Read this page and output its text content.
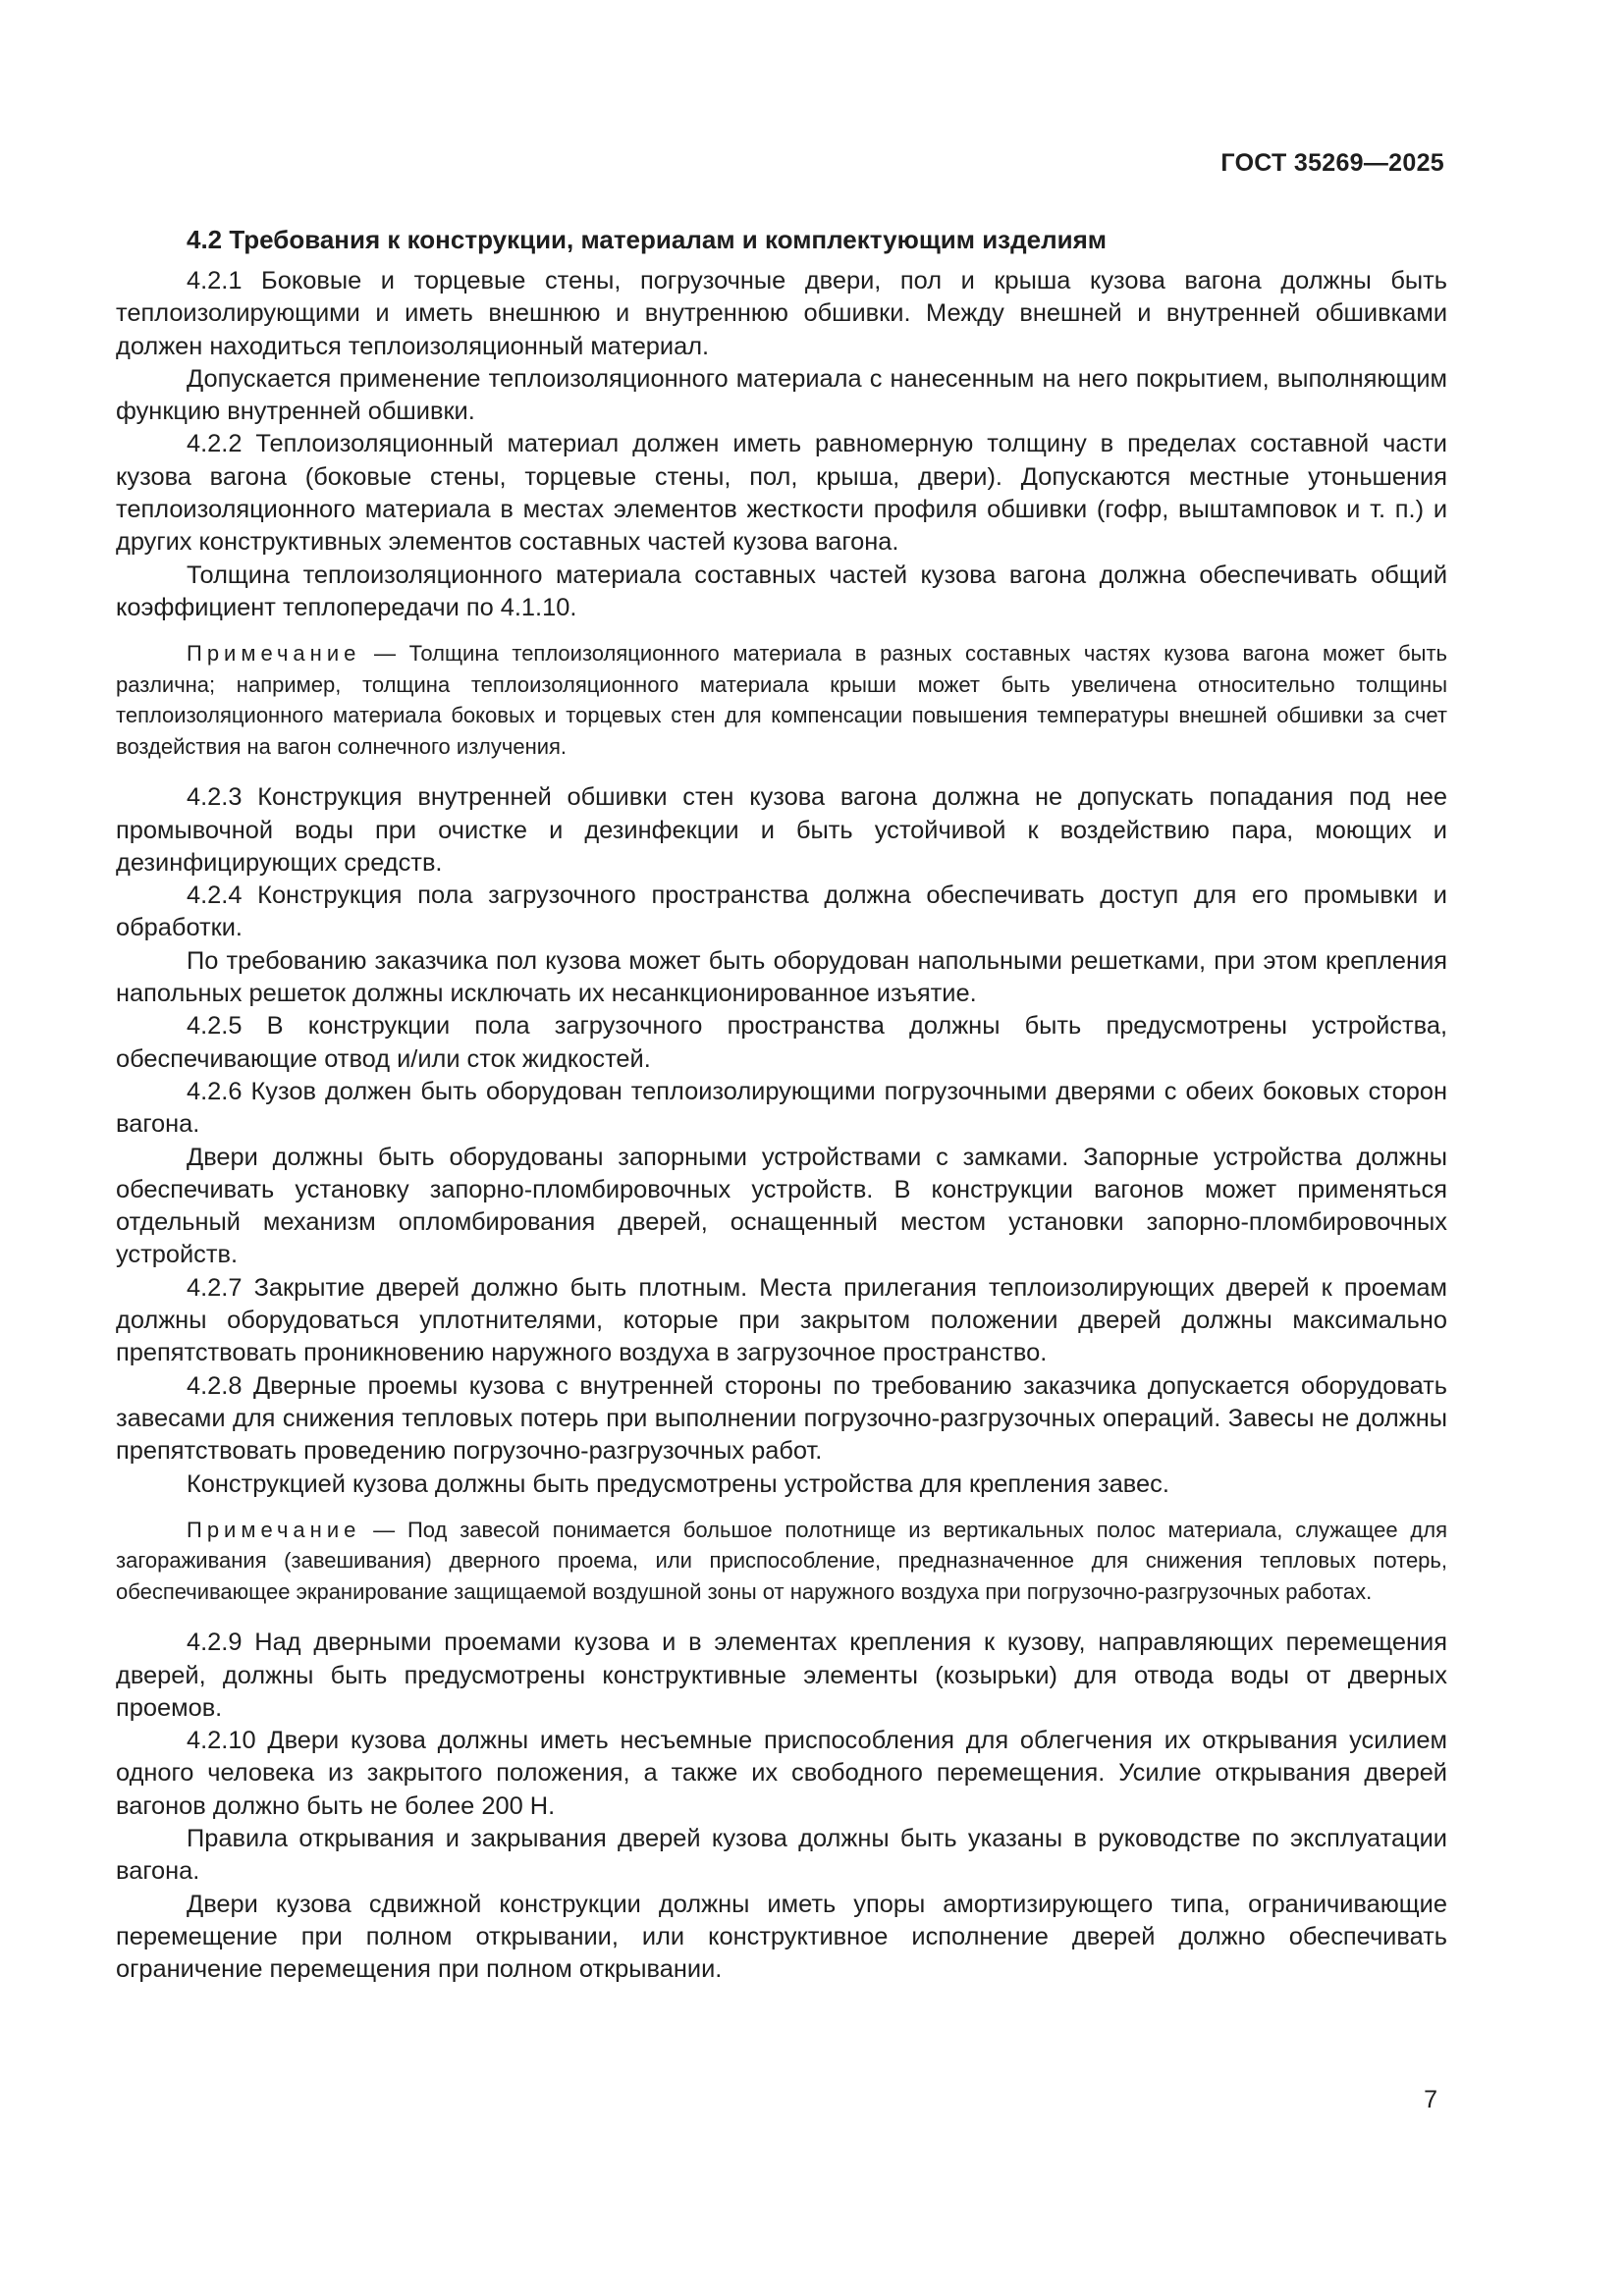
ГОСТ 35269—2025
4.2 Требования к конструкции, материалам и комплектующим изделиям

4.2.1 Боковые и торцевые стены, погрузочные двери, пол и крыша кузова вагона должны быть теплоизолирующими и иметь внешнюю и внутреннюю обшивки. Между внешней и внутренней обшивками должен находиться теплоизоляционный материал.

Допускается применение теплоизоляционного материала с нанесенным на него покрытием, выполняющим функцию внутренней обшивки.

4.2.2 Теплоизоляционный материал должен иметь равномерную толщину в пределах составной части кузова вагона (боковые стены, торцевые стены, пол, крыша, двери). Допускаются местные утоньшения теплоизоляционного материала в местах элементов жесткости профиля обшивки (гофр, выштамповок и т. п.) и других конструктивных элементов составных частей кузова вагона.

Толщина теплоизоляционного материала составных частей кузова вагона должна обеспечивать общий коэффициент теплопередачи по 4.1.10.

Примечание — Толщина теплоизоляционного материала в разных составных частях кузова вагона может быть различна; например, толщина теплоизоляционного материала крыши может быть увеличена относительно толщины теплоизоляционного материала боковых и торцевых стен для компенсации повышения температуры внешней обшивки за счет воздействия на вагон солнечного излучения.

4.2.3 Конструкция внутренней обшивки стен кузова вагона должна не допускать попадания под нее промывочной воды при очистке и дезинфекции и быть устойчивой к воздействию пара, моющих и дезинфицирующих средств.

4.2.4 Конструкция пола загрузочного пространства должна обеспечивать доступ для его промывки и обработки.

По требованию заказчика пол кузова может быть оборудован напольными решетками, при этом крепления напольных решеток должны исключать их несанкционированное изъятие.

4.2.5 В конструкции пола загрузочного пространства должны быть предусмотрены устройства, обеспечивающие отвод и/или сток жидкостей.

4.2.6 Кузов должен быть оборудован теплоизолирующими погрузочными дверями с обеих боковых сторон вагона.

Двери должны быть оборудованы запорными устройствами с замками. Запорные устройства должны обеспечивать установку запорно-пломбировочных устройств. В конструкции вагонов может применяться отдельный механизм опломбирования дверей, оснащенный местом установки запорно-пломбировочных устройств.

4.2.7 Закрытие дверей должно быть плотным. Места прилегания теплоизолирующих дверей к проемам должны оборудоваться уплотнителями, которые при закрытом положении дверей должны максимально препятствовать проникновению наружного воздуха в загрузочное пространство.

4.2.8 Дверные проемы кузова с внутренней стороны по требованию заказчика допускается оборудовать завесами для снижения тепловых потерь при выполнении погрузочно-разгрузочных операций. Завесы не должны препятствовать проведению погрузочно-разгрузочных работ.

Конструкцией кузова должны быть предусмотрены устройства для крепления завес.

Примечание — Под завесой понимается большое полотнище из вертикальных полос материала, служащее для загораживания (завешивания) дверного проема, или приспособление, предназначенное для снижения тепловых потерь, обеспечивающее экранирование защищаемой воздушной зоны от наружного воздуха при погрузочно-разгрузочных работах.

4.2.9 Над дверными проемами кузова и в элементах крепления к кузову, направляющих перемещения дверей, должны быть предусмотрены конструктивные элементы (козырьки) для отвода воды от дверных проемов.

4.2.10 Двери кузова должны иметь несъемные приспособления для облегчения их открывания усилием одного человека из закрытого положения, а также их свободного перемещения. Усилие открывания дверей вагонов должно быть не более 200 Н.

Правила открывания и закрывания дверей кузова должны быть указаны в руководстве по эксплуатации вагона.

Двери кузова сдвижной конструкции должны иметь упоры амортизирующего типа, ограничивающие перемещение при полном открывании, или конструктивное исполнение дверей должно обеспечивать ограничение перемещения при полном открывании.

7
